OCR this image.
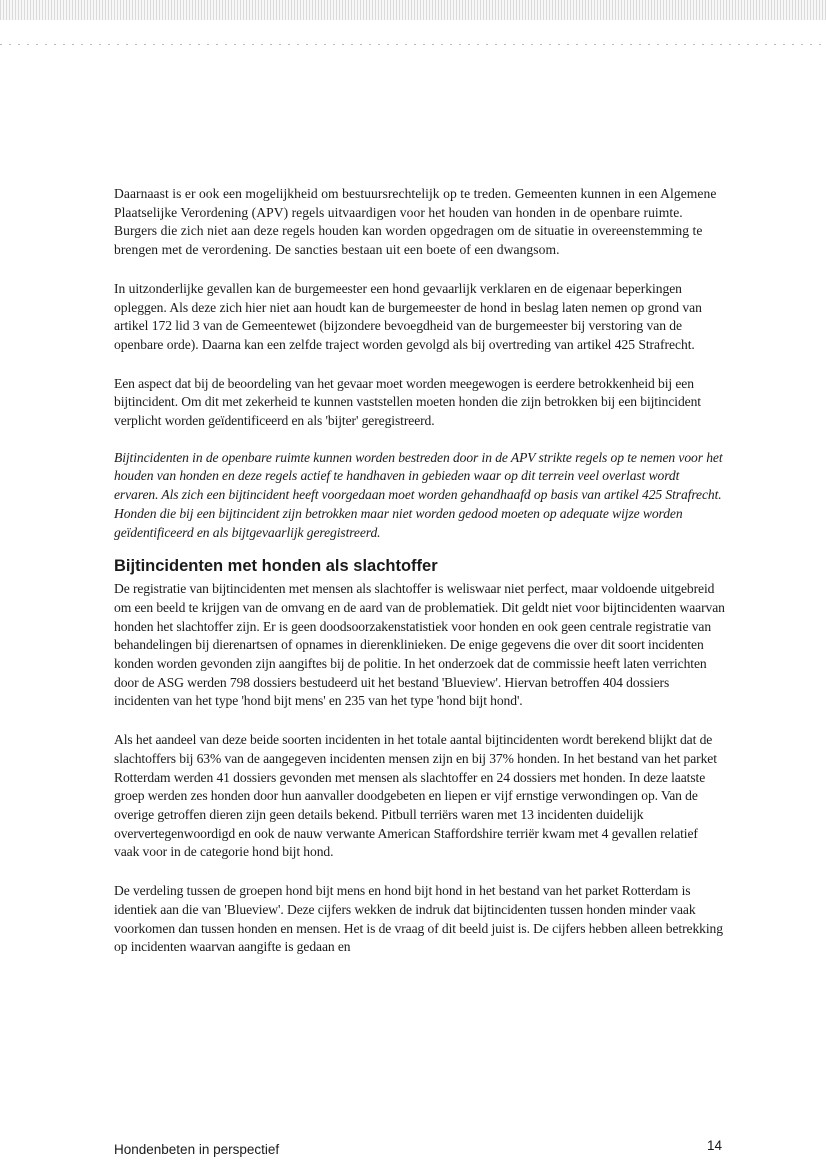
Daarnaast is er ook een mogelijkheid om bestuursrechtelijk op te treden. Gemeenten kunnen in een Algemene Plaatselijke Verordening (APV) regels uitvaardigen voor het houden van honden in de openbare ruimte. Burgers die zich niet aan deze regels houden kan worden opgedragen om de situatie in overeenstemming te brengen met de verordening. De sancties bestaan uit een boete of een dwangsom.

In uitzonderlijke gevallen kan de burgemeester een hond gevaarlijk verklaren en de eigenaar beperkingen opleggen. Als deze zich hier niet aan houdt kan de burgemeester de hond in beslag laten nemen op grond van artikel 172 lid 3 van de Gemeentewet (bijzondere bevoegdheid van de burgemeester bij verstoring van de openbare orde). Daarna kan een zelfde traject worden gevolgd als bij overtreding van artikel 425 Strafrecht.

Een aspect dat bij de beoordeling van het gevaar moet worden meegewogen is eerdere betrokkenheid bij een bijtincident. Om dit met zekerheid te kunnen vaststellen moeten honden die zijn betrokken bij een bijtincident verplicht worden geïdentificeerd en als 'bijter' geregistreerd.

Bijtincidenten in de openbare ruimte kunnen worden bestreden door in de APV strikte regels op te nemen voor het houden van honden en deze regels actief te handhaven in gebieden waar op dit terrein veel overlast wordt ervaren. Als zich een bijtincident heeft voorgedaan moet worden gehandhaafd op basis van artikel 425 Strafrecht. Honden die bij een bijtincident zijn betrokken maar niet worden gedood moeten op adequate wijze worden geïdentificeerd en als bijtgevaarlijk geregistreerd.

Bijtincidenten met honden als slachtoffer

De registratie van bijtincidenten met mensen als slachtoffer is weliswaar niet perfect, maar voldoende uitgebreid om een beeld te krijgen van de omvang en de aard van de problematiek. Dit geldt niet voor bijtincidenten waarvan honden het slachtoffer zijn. Er is geen doodsoorzakenstatistiek voor honden en ook geen centrale registratie van behandelingen bij dierenartsen of opnames in dierenklinieken. De enige gegevens die over dit soort incidenten konden worden gevonden zijn aangiftes bij de politie. In het onderzoek dat de commissie heeft laten verrichten door de ASG werden 798 dossiers bestudeerd uit het bestand 'Blueview'. Hiervan betroffen 404 dossiers incidenten van het type 'hond bijt mens' en 235 van het type 'hond bijt hond'.

Als het aandeel van deze beide soorten incidenten in het totale aantal bijtincidenten wordt berekend blijkt dat de slachtoffers bij 63% van de aangegeven incidenten mensen zijn en bij 37% honden. In het bestand van het parket Rotterdam werden 41 dossiers gevonden met mensen als slachtoffer en 24 dossiers met honden. In deze laatste groep werden zes honden door hun aanvaller doodgebeten en liepen er vijf ernstige verwondingen op. Van de overige getroffen dieren zijn geen details bekend. Pitbull terriërs waren met 13 incidenten duidelijk oververtegenwoordigd en ook de nauw verwante American Staffordshire terriër kwam met 4 gevallen relatief vaak voor in de categorie hond bijt hond.

De verdeling tussen de groepen hond bijt mens en hond bijt hond in het bestand van het parket Rotterdam is identiek aan die van 'Blueview'. Deze cijfers wekken de indruk dat bijtincidenten tussen honden minder vaak voorkomen dan tussen honden en mensen. Het is de vraag of dit beeld juist is. De cijfers hebben alleen betrekking op incidenten waarvan aangifte is gedaan en

Hondenbeten in perspectief	14
